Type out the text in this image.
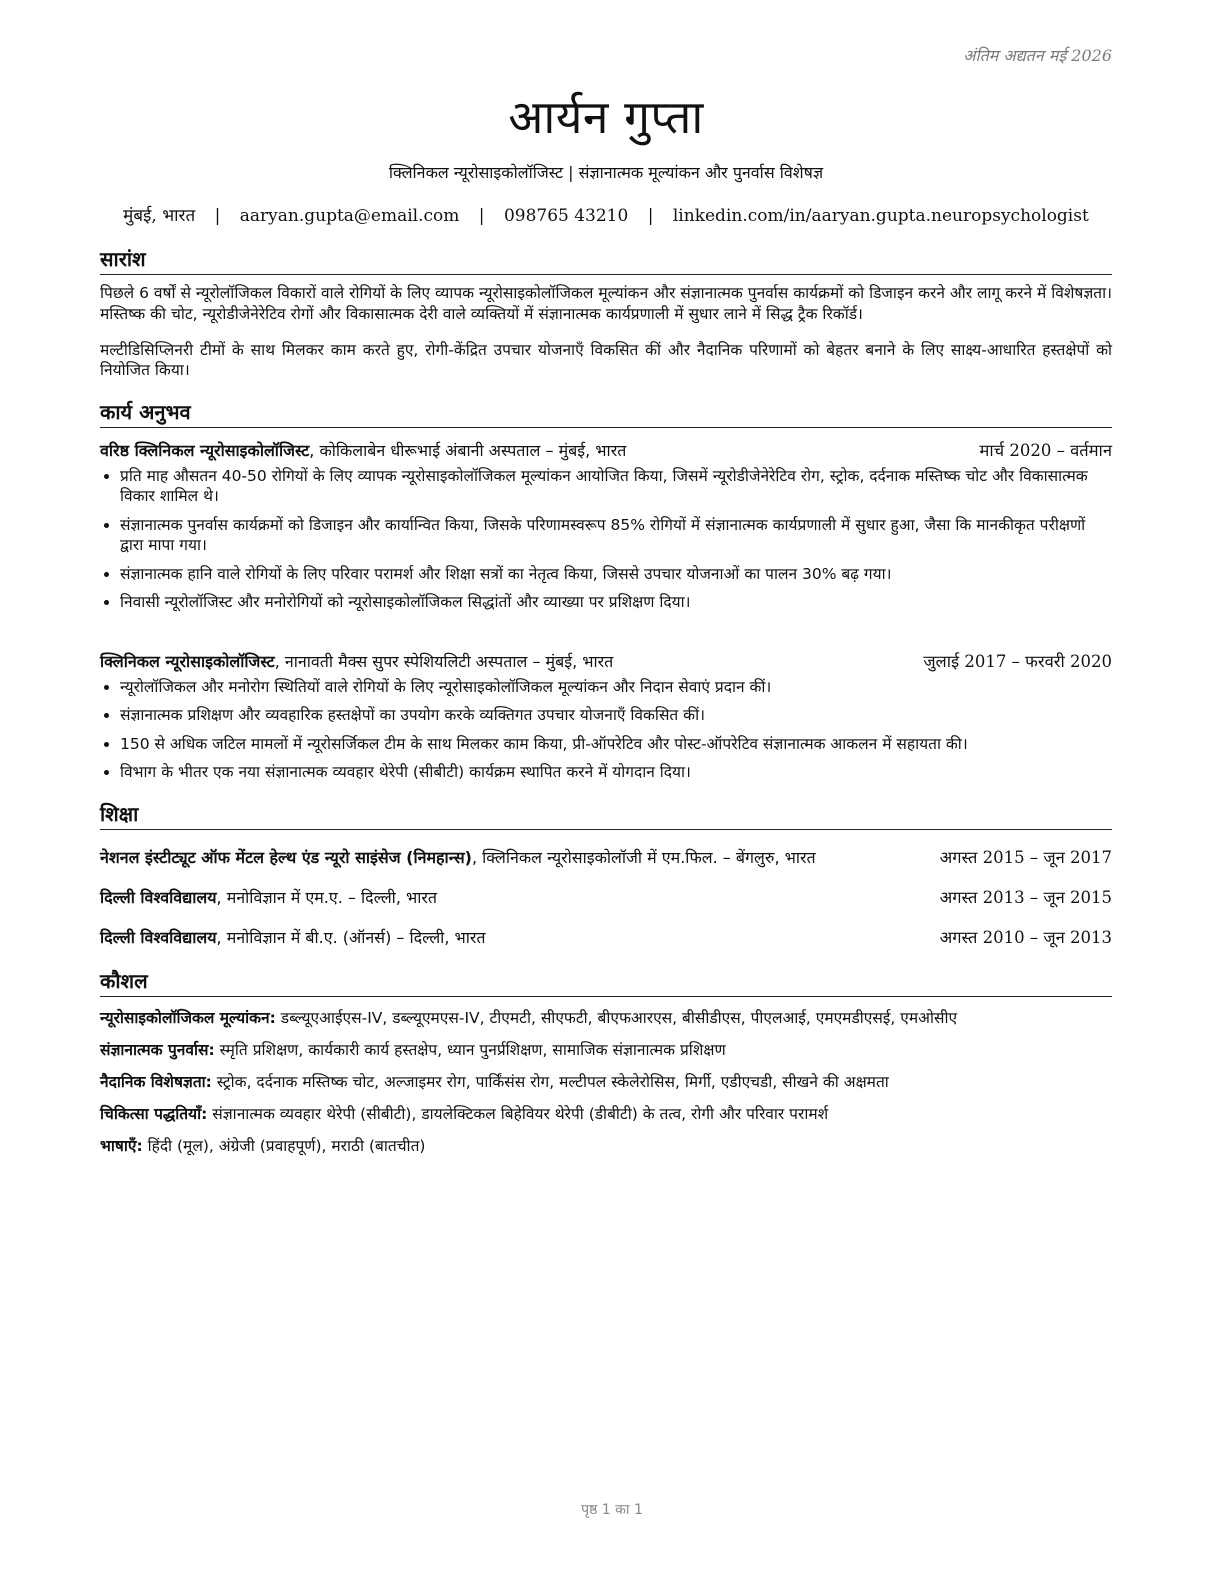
अंतिम अद्यतन मई 2026
आर्यन गुप्ता
क्लिनिकल न्यूरोसाइकोलॉजिस्ट | संज्ञानात्मक मूल्यांकन और पुनर्वास विशेषज्ञ
मुंबई, भारत | aaryan.gupta@email.com | 098765 43210 | linkedin.com/in/aaryan.gupta.neuropsychologist
सारांश

पिछले 6 वर्षों से न्यूरोलॉजिकल विकारों वाले रोगियों के लिए व्यापक न्यूरोसाइकोलॉजिकल मूल्यांकन और संज्ञानात्मक पुनर्वास कार्यक्रमों को डिजाइन करने और लागू करने में विशेषज्ञता। मस्तिष्क की चोट, न्यूरोडीजेनेरेटिव रोगों और विकासात्मक देरी वाले व्यक्तियों में संज्ञानात्मक कार्यप्रणाली में सुधार लाने में सिद्ध ट्रैक रिकॉर्ड।

मल्टीडिसिप्लिनरी टीमों के साथ मिलकर काम करते हुए, रोगी-केंद्रित उपचार योजनाएँ विकसित कीं और नैदानिक परिणामों को बेहतर बनाने के लिए साक्ष्य-आधारित हस्तक्षेपों को नियोजित किया।

कार्य अनुभव
वरिष्ठ क्लिनिकल न्यूरोसाइकोलॉजिस्ट, कोकिलाबेन धीरूभाई अंबानी अस्पताल – मुंबई, भारत	मार्च 2020 – वर्तमान
• प्रति माह औसतन 40-50 रोगियों के लिए व्यापक न्यूरोसाइकोलॉजिकल मूल्यांकन आयोजित किया, जिसमें न्यूरोडीजेनेरेटिव रोग, स्ट्रोक, दर्दनाक मस्तिष्क चोट और विकासात्मक विकार शामिल थे।
• संज्ञानात्मक पुनर्वास कार्यक्रमों को डिजाइन और कार्यान्वित किया, जिसके परिणामस्वरूप 85% रोगियों में संज्ञानात्मक कार्यप्रणाली में सुधार हुआ, जैसा कि मानकीकृत परीक्षणों द्वारा मापा गया।
• संज्ञानात्मक हानि वाले रोगियों के लिए परिवार परामर्श और शिक्षा सत्रों का नेतृत्व किया, जिससे उपचार योजनाओं का पालन 30% बढ़ गया।
• निवासी न्यूरोलॉजिस्ट और मनोरोगियों को न्यूरोसाइकोलॉजिकल सिद्धांतों और व्याख्या पर प्रशिक्षण दिया।
क्लिनिकल न्यूरोसाइकोलॉजिस्ट, नानावती मैक्स सुपर स्पेशियलिटी अस्पताल – मुंबई, भारत	जुलाई 2017 – फरवरी 2020
• न्यूरोलॉजिकल और मनोरोग स्थितियों वाले रोगियों के लिए न्यूरोसाइकोलॉजिकल मूल्यांकन और निदान सेवाएं प्रदान कीं।
• संज्ञानात्मक प्रशिक्षण और व्यवहारिक हस्तक्षेपों का उपयोग करके व्यक्तिगत उपचार योजनाएँ विकसित कीं।
• 150 से अधिक जटिल मामलों में न्यूरोसर्जिकल टीम के साथ मिलकर काम किया, प्री-ऑपरेटिव और पोस्ट-ऑपरेटिव संज्ञानात्मक आकलन में सहायता की।
• विभाग के भीतर एक नया संज्ञानात्मक व्यवहार थेरेपी (सीबीटी) कार्यक्रम स्थापित करने में योगदान दिया।
शिक्षा
नेशनल इंस्टीट्यूट ऑफ मेंटल हेल्थ एंड न्यूरो साइंसेज (निमहान्स), क्लिनिकल न्यूरोसाइकोलॉजी में एम.फिल. – बेंगलुरु, भारत	अगस्त 2015 – जून 2017
दिल्ली विश्वविद्यालय, मनोविज्ञान में एम.ए. – दिल्ली, भारत	अगस्त 2013 – जून 2015
दिल्ली विश्वविद्यालय, मनोविज्ञान में बी.ए. (ऑनर्स) – दिल्ली, भारत	अगस्त 2010 – जून 2013
कौशल
न्यूरोसाइकोलॉजिकल मूल्यांकन: डब्ल्यूएआईएस-IV, डब्ल्यूएमएस-IV, टीएमटी, सीएफटी, बीएफआरएस, बीसीडीएस, पीएलआई, एमएमडीएसई, एमओसीए
संज्ञानात्मक पुनर्वास: स्मृति प्रशिक्षण, कार्यकारी कार्य हस्तक्षेप, ध्यान पुनर्प्रशिक्षण, सामाजिक संज्ञानात्मक प्रशिक्षण
नैदानिक विशेषज्ञता: स्ट्रोक, दर्दनाक मस्तिष्क चोट, अल्जाइमर रोग, पार्किंसंस रोग, मल्टीपल स्केलेरोसिस, मिर्गी, एडीएचडी, सीखने की अक्षमता
चिकित्सा पद्धतियाँ: संज्ञानात्मक व्यवहार थेरेपी (सीबीटी), डायलेक्टिकल बिहेवियर थेरेपी (डीबीटी) के तत्व, रोगी और परिवार परामर्श
भाषाएँ: हिंदी (मूल), अंग्रेजी (प्रवाहपूर्ण), मराठी (बातचीत)
पृष्ठ 1 का 1
